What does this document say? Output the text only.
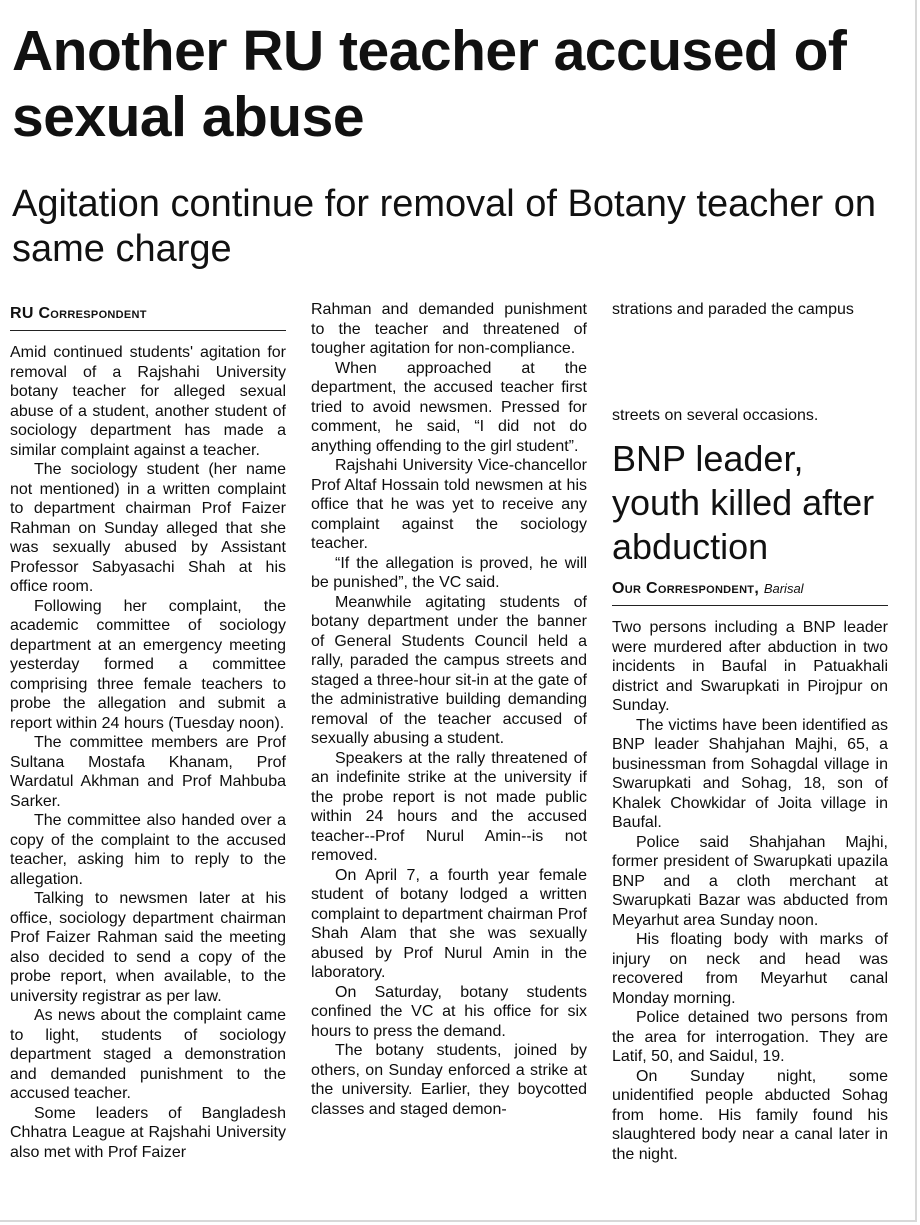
Another RU teacher accused of sexual abuse
Agitation continue for removal of Botany teacher on same charge
RU Correspondent

Amid continued students' agitation for removal of a Rajshahi University botany teacher for alleged sexual abuse of a student, another student of sociology department has made a similar complaint against a teacher.

The sociology student (her name not mentioned) in a written complaint to department chairman Prof Faizer Rahman on Sunday alleged that she was sexually abused by Assistant Professor Sabyasachi Shah at his office room.

Following her complaint, the academic committee of sociology department at an emergency meeting yesterday formed a committee comprising three female teachers to probe the allegation and submit a report within 24 hours (Tuesday noon).

The committee members are Prof Sultana Mostafa Khanam, Prof Wardatul Akhman and Prof Mahbuba Sarker.

The committee also handed over a copy of the complaint to the accused teacher, asking him to reply to the allegation.

Talking to newsmen later at his office, sociology department chairman Prof Faizer Rahman said the meeting also decided to send a copy of the probe report, when available, to the university registrar as per law.

As news about the complaint came to light, students of sociology department staged a demonstration and demanded punishment to the accused teacher.

Some leaders of Bangladesh Chhatra League at Rajshahi University also met with Prof Faizer

Rahman and demanded punishment to the teacher and threatened of tougher agitation for non-compliance.

When approached at the department, the accused teacher first tried to avoid newsmen. Pressed for comment, he said, “I did not do anything offending to the girl student”.

Rajshahi University Vice-chancellor Prof Altaf Hossain told newsmen at his office that he was yet to receive any complaint against the sociology teacher.

“If the allegation is proved, he will be punished”, the VC said.

Meanwhile agitating students of botany department under the banner of General Students Council held a rally, paraded the campus streets and staged a three-hour sit-in at the gate of the administrative building demanding removal of the teacher accused of sexually abusing a student.

Speakers at the rally threatened of an indefinite strike at the university if the probe report is not made public within 24 hours and the accused teacher--Prof Nurul Amin--is not removed.

On April 7, a fourth year female student of botany lodged a written complaint to department chairman Prof Shah Alam that she was sexually abused by Prof Nurul Amin in the laboratory.

On Saturday, botany students confined the VC at his office for six hours to press the demand.

The botany students, joined by others, on Sunday enforced a strike at the university. Earlier, they boycotted classes and staged demon-

strations and paraded the campus

streets on several occasions.

BNP leader, youth killed after abduction
Our Correspondent, Barisal

Two persons including a BNP leader were murdered after abduction in two incidents in Baufal in Patuakhali district and Swarupkati in Pirojpur on Sunday.

The victims have been identified as BNP leader Shahjahan Majhi, 65, a businessman from Sohagdal village in Swarupkati and Sohag, 18, son of Khalek Chowkidar of Joita village in Baufal.

Police said Shahjahan Majhi, former president of Swarupkati upazila BNP and a cloth merchant at Swarupkati Bazar was abducted from Meyarhut area Sunday noon.

His floating body with marks of injury on neck and head was recovered from Meyarhut canal Monday morning.

Police detained two persons from the area for interrogation. They are Latif, 50, and Saidul, 19.

On Sunday night, some unidentified people abducted Sohag from home. His family found his slaughtered body near a canal later in the night.
